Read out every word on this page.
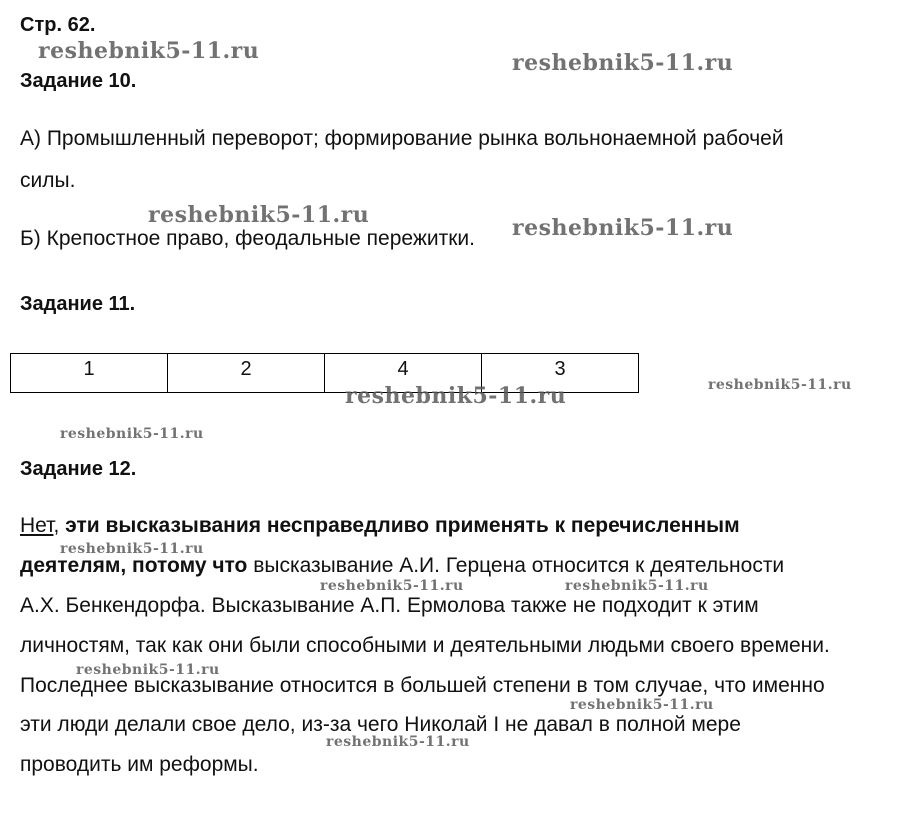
Стр. 62.
Задание 10.
А) Промышленный переворот; формирование рынка вольнонаемной рабочей
силы.
Б) Крепостное право, феодальные пережитки.
Задание 11.
1	2	4	3
Задание 12.
Нет, эти высказывания несправедливо применять к перечисленным
деятелям, потому что высказывание А.И. Герцена относится к деятельности
А.Х. Бенкендорфа. Высказывание А.П. Ермолова также не подходит к этим
личностям, так как они были способными и деятельными людьми своего времени.
Последнее высказывание относится в большей степени в том случае, что именно
эти люди делали свое дело, из-за чего Николай I не давал в полной мере
проводить им реформы.
reshebnik5-11.ru	reshebnik5-11.ru
reshebnik5-11.ru	reshebnik5-11.ru
reshebnik5-11.ru	reshebnik5-11.ru
reshebnik5-11.ru
reshebnik5-11.ru
reshebnik5-11.ru	reshebnik5-11.ru
reshebnik5-11.ru
reshebnik5-11.ru
reshebnik5-11.ru
